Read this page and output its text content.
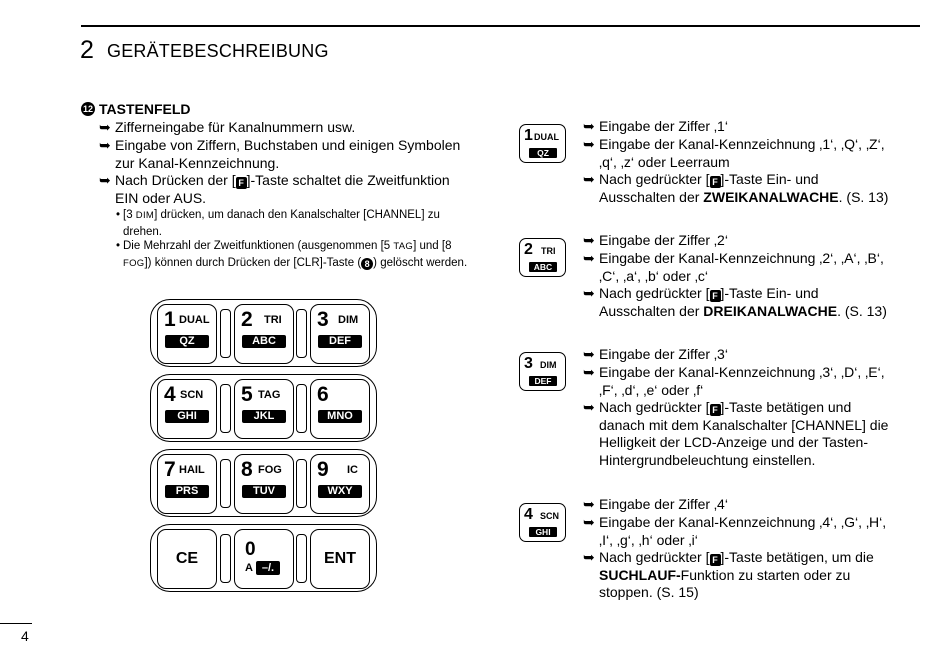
2 GERÄTEBESCHREIBUNG
12 TASTENFELD
➥ Zifferneingabe für Kanalnummern usw.
➥ Eingabe von Ziffern, Buchstaben und einigen Symbolen zur Kanal-Kennzeichnung.
➥ Nach Drücken der [ F ]-Taste schaltet die Zweitfunktion EIN oder AUS.
• [3 DIM] drücken, um danach den Kanalschalter [CHANNEL] zu drehen.
• Die Mehrzahl der Zweitfunktionen (ausgenommen [5 TAG] und [8 FOG]) können durch Drücken der [CLR]-Taste ( 8 ) gelöscht werden.
1 DUAL
QZ
2 TRI
ABC
3 DIM
DEF
4 SCN
GHI
5 TAG
JKL
6
MNO
7 HAIL
PRS
8 FOG
TUV
9 IC
WXY
CE	0
A –/.
ENT
1 DUAL
QZ
➥ Eingabe der Ziffer ‚1‘
➥ Eingabe der Kanal-Kennzeichnung ‚1‘, ‚Q‘, ‚Z‘, ‚q‘, ‚z‘ oder Leerraum
➥ Nach gedrückter [ F ]-Taste Ein- und Ausschalten der ZWEIKANALWACHE. (S. 13)
2 TRI
ABC
➥ Eingabe der Ziffer ‚2‘
➥ Eingabe der Kanal-Kennzeichnung ‚2‘, ‚A‘, ‚B‘, ‚C‘, ‚a‘, ‚b‘ oder ‚c‘
➥ Nach gedrückter [ F ]-Taste Ein- und Ausschalten der DREIKANALWACHE. (S. 13)
3 DIM
DEF
➥ Eingabe der Ziffer ‚3‘
➥ Eingabe der Kanal-Kennzeichnung ‚3‘, ‚D‘, ‚E‘, ‚F‘, ‚d‘, ‚e‘ oder ‚f‘
➥ Nach gedrückter [ F ]-Taste betätigen und danach mit dem Kanalschalter [CHANNEL] die Helligkeit der LCD-Anzeige und der Tasten-Hintergrundbeleuchtung einstellen.
4 SCN
GHI
➥ Eingabe der Ziffer ‚4‘
➥ Eingabe der Kanal-Kennzeichnung ‚4‘, ‚G‘, ‚H‘, ‚I‘, ‚g‘, ‚h‘ oder ‚i‘
➥ Nach gedrückter [ F ]-Taste betätigen, um die SUCHLAUF-Funktion zu starten oder zu stoppen. (S. 15)
4
